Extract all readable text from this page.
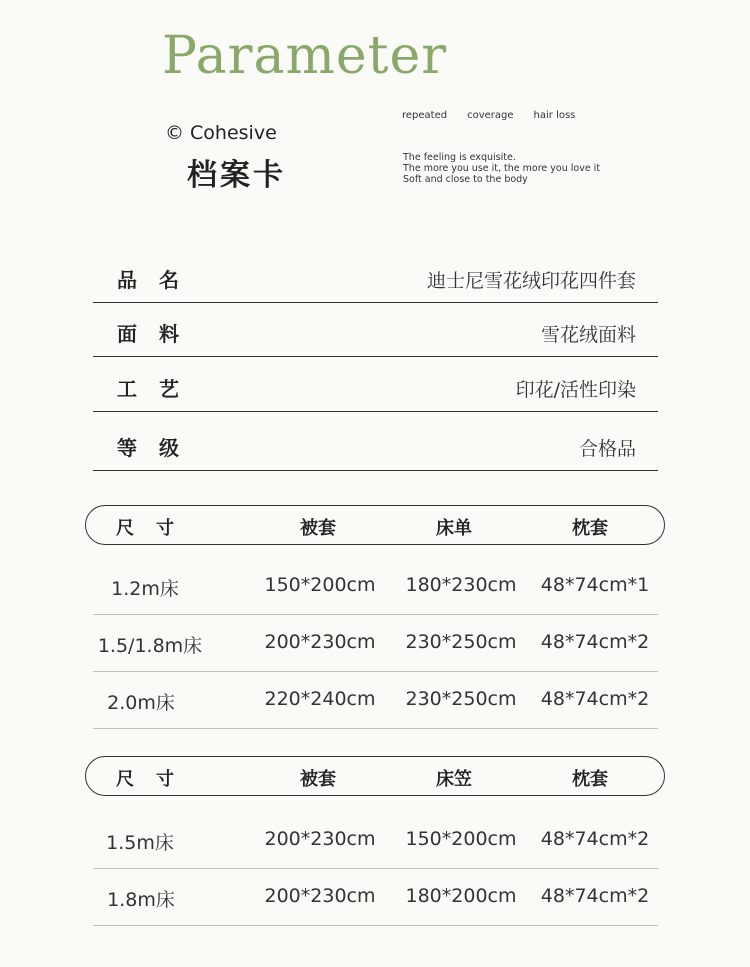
Parameter
© Cohesive
档案卡
repeated coverage hair loss
The feeling is exquisite.
The more you use it, the more you love it
Soft and close to the body
品名	迪士尼雪花绒印花四件套
面料	雪花绒面料
工艺	印花/活性印染
等级	合格品
尺寸	被套	床单	枕套
1.2m床	150*200cm 180*230cm 48*74cm*1
1.5/1.8m床	200*230cm 230*250cm 48*74cm*2
2.0m床	220*240cm 230*250cm 48*74cm*2
尺寸	被套	床笠	枕套
1.5m床	200*230cm 150*200cm 48*74cm*2
1.8m床	200*230cm 180*200cm 48*74cm*2
